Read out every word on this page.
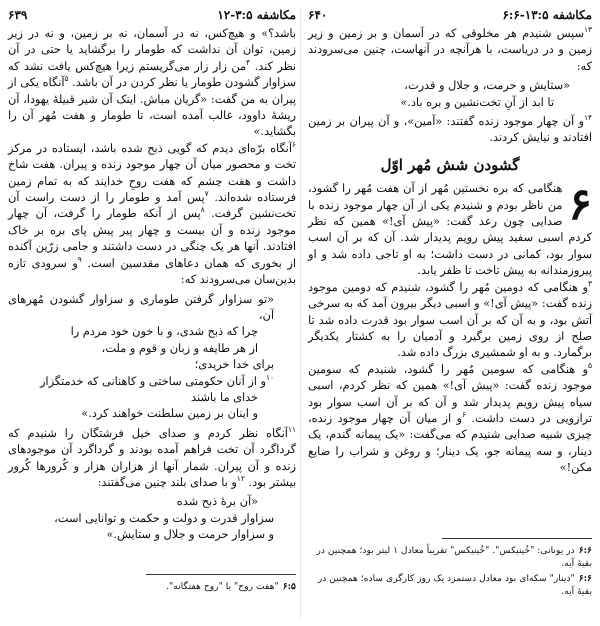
مکاشفه ۱۳:۵-۶:۶
۶۴۰

$^{۱۳}$سپس شنیدم هر مخلوقی که در آسمان و بر زمین و زیر زمین و در دریاست، با هرآنچه در آنهاست، چنین می‌سرودند که:

«ستایش و حرمت، و جلال و قدرت،

تا ابد از آنِ تخت‌نشین و بره باد.»

$^{۱۴}$و آن چهار موجود زنده گفتند: «آمین»، و آن پیران بر زمین افتادند و نیایش کردند.

گشودن شش مُهر اوّل

۶
هنگامی که بره نخستین مُهر از آن هفت مُهر را گشود، من ناظر بودم و شنیدم یکی از آن چهار موجود زنده با صدایی چون رعد گفت: «پیش آی!» همین که نظر کردم اسبی سفید پیش رویم پدیدار شد. آن که بر آن اسب سوار بود، کمانی در دست داشت؛ به او تاجی داده شد و او پیروزمندانه به پیش تاخت تا ظفر یابد.

$^۳$و هنگامی که دومین مُهر را گشود، شنیدم که دومین موجود زنده گفت: «پیش آی!» و اسبی دیگر بیرون آمد که به سرخی آتش بود، و به آن که بر آن اسب سوار بود قدرت داده شد تا صلح از روی زمین برگیرد و آدمیان را به کشتار یکدیگر برگمارد. و به او شمشیری بزرگ داده شد.

$^۵$و هنگامی که سومین مُهر را گشود، شنیدم که سومین موجود زنده گفت: «پیش آی!» همین که نظر کردم، اسبی سیاه پیش رویم پدیدار شد و آن که بر آن اسب سوار بود ترازویی در دست داشت. $^۶$و از میان آن چهار موجود زنده، چیزی شبیه صدایی شنیدم که می‌گفت: «یک پیمانه گندم، یک دینار، و سه پیمانه جو، یک دینار؛ و روغن و شراب را ضایع مکن!»

۶:۶در یونانی: "خُینیکس". "خُینیکس" تقریباً معادل ۱ لیتر بود؛ همچنین در بقیهٔ آیه.

۶:۶"دینار" سکه‌ای بود معادل دستمزد یک روز کارگری ساده؛ همچنین در بقیهٔ آیه.

مکاشفه ۳:۵-۱۲
۶۳۹

باشد؟» و هیچ‌کس، نه در آسمان، نه بر زمین، و نه در زیر زمین، توان آن نداشت که طومار را برگشاید یا حتی در آن نظر کند. $^۴$من زار زار می‌گریستم زیرا هیچ‌کس یافت نشد که سزاوار گشودن طومار یا نظر کردن در آن باشد. $^۵$آنگاه یکی از پیران به من گفت: «گریان مباش. اینک آن شیر قبیلهٔ یهودا، آن ریشهٔ داوود، غالب آمده است، تا طومار و هفت مُهر آن را بگشاید.»

$^۶$آنگاه برّه‌ای دیدم که گویی ذبح شده باشد، ایستاده در مرکز تخت و محصور میان آن چهار موجود زنده و پیران. هفت شاخ داشت و هفت چشم که هفت روحِ خدایند که به تمام زمین فرستاده شده‌اند. $^۷$پس آمد و طومار را از دست راست آن تخت‌نشین گرفت. $^۸$پس از آنکه طومار را گرفت، آن چهار موجود زنده و آن بیست و چهار پیر پیش پای بره بر خاک افتادند. آنها هر یک چنگی در دست داشتند و جامی زرّین آکنده از بخوری که همان دعاهای مقدسین است. $^۹$و سرودی تازه بدین‌سان می‌سرودند که:

«تو سزاوار گرفتن طوماری و سزاوار گشودن مُهرهای آن،

چرا که ذبح شدی، و با خون خود مردم را

از هر طایفه و زبان و قوم و ملت،

برای خدا خریدی؛

$^{۱۰}$و از آنان حکومتی ساختی و کاهنانی که خدمتگزار

خدای ما باشند

و اینان بر زمین سلطنت خواهند کرد.»

$^{۱۱}$آنگاه نظر کردم و صدای خیل فرشتگان را شنیدم که گرداگرد آن تخت فراهم آمده بودند و گرداگرد آن موجودهای زنده و آن پیران. شمار آنها از هزاران هزار و کُرورها کُرور بیشتر بود. $^{۱۲}$و با صدای بلند چنین می‌گفتند:

«آن برهٔ ذبح شده

سزاوار قدرت و دولت و حکمت و توانایی است،

و سزاوار حرمت و جلال و ستایش.»

۶:۵"هفت روح" یا "روح هفتگانه".
